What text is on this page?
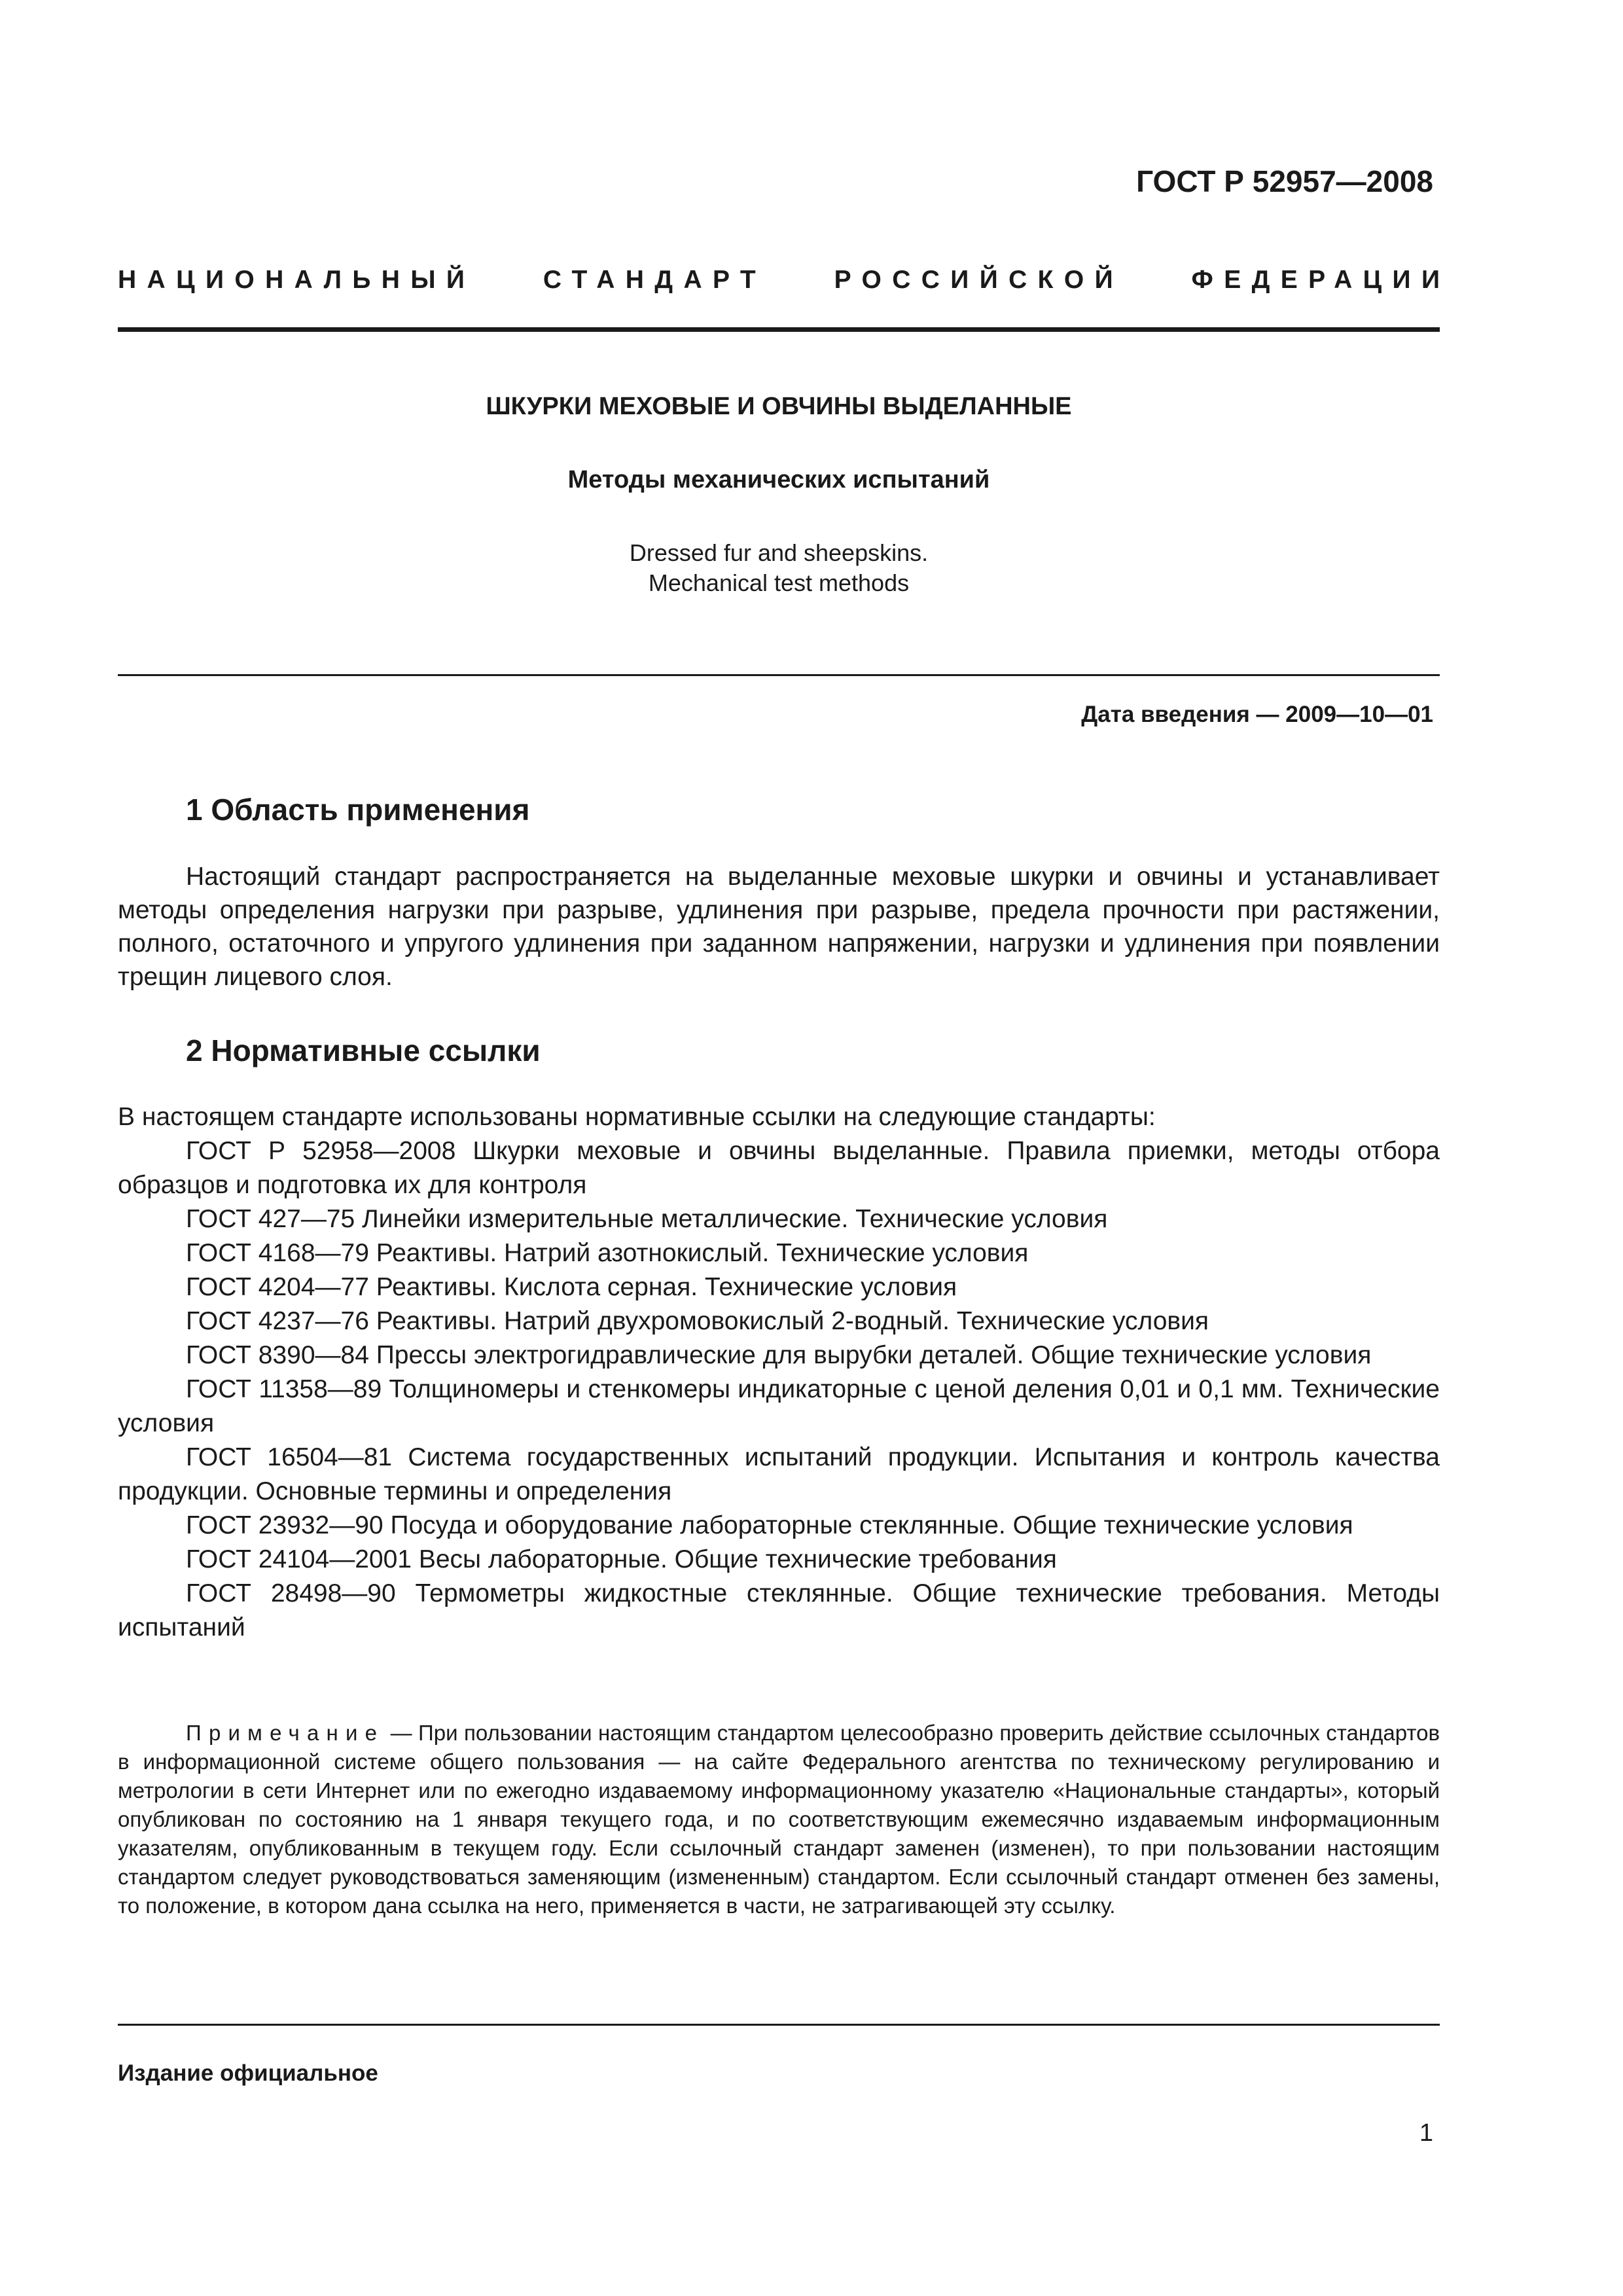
ГОСТ Р 52957—2008
НАЦИОНАЛЬНЫЙ	СТАНДАРТ	РОССИЙСКОЙ	ФЕДЕРАЦИИ
ШКУРКИ МЕХОВЫЕ И ОВЧИНЫ ВЫДЕЛАННЫЕ
Методы механических испытаний
Dressed fur and sheepskins.
Mechanical test methods
Дата введения — 2009—10—01
1 Область применения

Настоящий стандарт распространяется на выделанные меховые шкурки и овчины и устанавливает методы определения нагрузки при разрыве, удлинения при разрыве, предела прочности при растяжении, полного, остаточного и упругого удлинения при заданном напряжении, нагрузки и удлинения при появлении трещин лицевого слоя.

2 Нормативные ссылки

В настоящем стандарте использованы нормативные ссылки на следующие стандарты:

ГОСТ Р 52958—2008 Шкурки меховые и овчины выделанные. Правила приемки, методы отбора образцов и подготовка их для контроля

ГОСТ 427—75 Линейки измерительные металлические. Технические условия

ГОСТ 4168—79 Реактивы. Натрий азотнокислый. Технические условия

ГОСТ 4204—77 Реактивы. Кислота серная. Технические условия

ГОСТ 4237—76 Реактивы. Натрий двухромовокислый 2-водный. Технические условия

ГОСТ 8390—84 Прессы электрогидравлические для вырубки деталей. Общие технические условия

ГОСТ 11358—89 Толщиномеры и стенкомеры индикаторные с ценой деления 0,01 и 0,1 мм. Технические условия

ГОСТ 16504—81 Система государственных испытаний продукции. Испытания и контроль качества продукции. Основные термины и определения

ГОСТ 23932—90 Посуда и оборудование лабораторные стеклянные. Общие технические условия

ГОСТ 24104—2001 Весы лабораторные. Общие технические требования

ГОСТ 28498—90 Термометры жидкостные стеклянные. Общие технические требования. Методы испытаний

Примечание — При пользовании настоящим стандартом целесообразно проверить действие ссылочных стандартов в информационной системе общего пользования — на сайте Федерального агентства по техническому регулированию и метрологии в сети Интернет или по ежегодно издаваемому информационному указателю «Национальные стандарты», который опубликован по состоянию на 1 января текущего года, и по соответствующим ежемесячно издаваемым информационным указателям, опубликованным в текущем году. Если ссылочный стандарт заменен (изменен), то при пользовании настоящим стандартом следует руководствоваться заменяющим (измененным) стандартом. Если ссылочный стандарт отменен без замены, то положение, в котором дана ссылка на него, применяется в части, не затрагивающей эту ссылку.

Издание официальное
1
